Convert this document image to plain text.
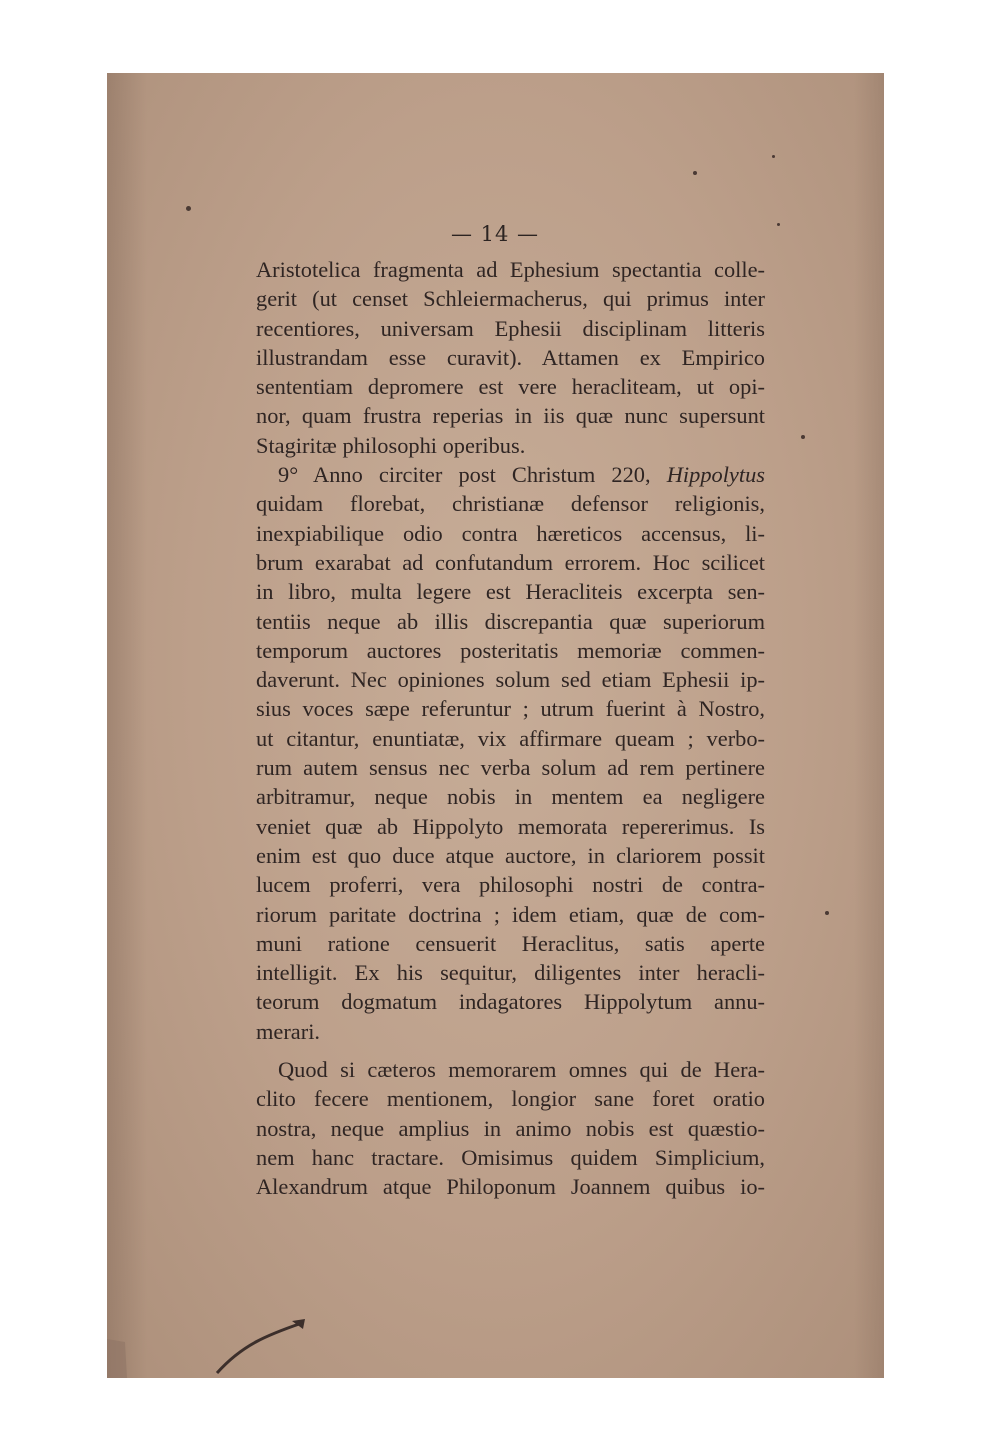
— 14 —
Aristotelica fragmenta ad Ephesium spectantia colle-
gerit (ut censet Schleiermacherus, qui primus inter
recentiores, universam Ephesii disciplinam litteris
illustrandam esse curavit). Attamen ex Empirico
sententiam depromere est vere heracliteam, ut opi-
nor, quam frustra reperias in iis quæ nunc supersunt
Stagiritæ philosophi operibus.
9° Anno circiter post Christum 220, Hippolytus
quidam florebat, christianæ defensor religionis,
inexpiabilique odio contra hæreticos accensus, li-
brum exarabat ad confutandum errorem. Hoc scilicet
in libro, multa legere est Heracliteis excerpta sen-
tentiis neque ab illis discrepantia quæ superiorum
temporum auctores posteritatis memoriæ commen-
daverunt. Nec opiniones solum sed etiam Ephesii ip-
sius voces sæpe referuntur ; utrum fuerint à Nostro,
ut citantur, enuntiatæ, vix affirmare queam ; verbo-
rum autem sensus nec verba solum ad rem pertinere
arbitramur, neque nobis in mentem ea negligere
veniet quæ ab Hippolyto memorata repererimus. Is
enim est quo duce atque auctore, in clariorem possit
lucem proferri, vera philosophi nostri de contra-
riorum paritate doctrina ; idem etiam, quæ de com-
muni ratione censuerit Heraclitus, satis aperte
intelligit. Ex his sequitur, diligentes inter heracli-
teorum dogmatum indagatores Hippolytum annu-
merari.
Quod si cæteros memorarem omnes qui de Hera-
clito fecere mentionem, longior sane foret oratio
nostra, neque amplius in animo nobis est quæstio-
nem hanc tractare. Omisimus quidem Simplicium,
Alexandrum atque Philoponum Joannem quibus io-
